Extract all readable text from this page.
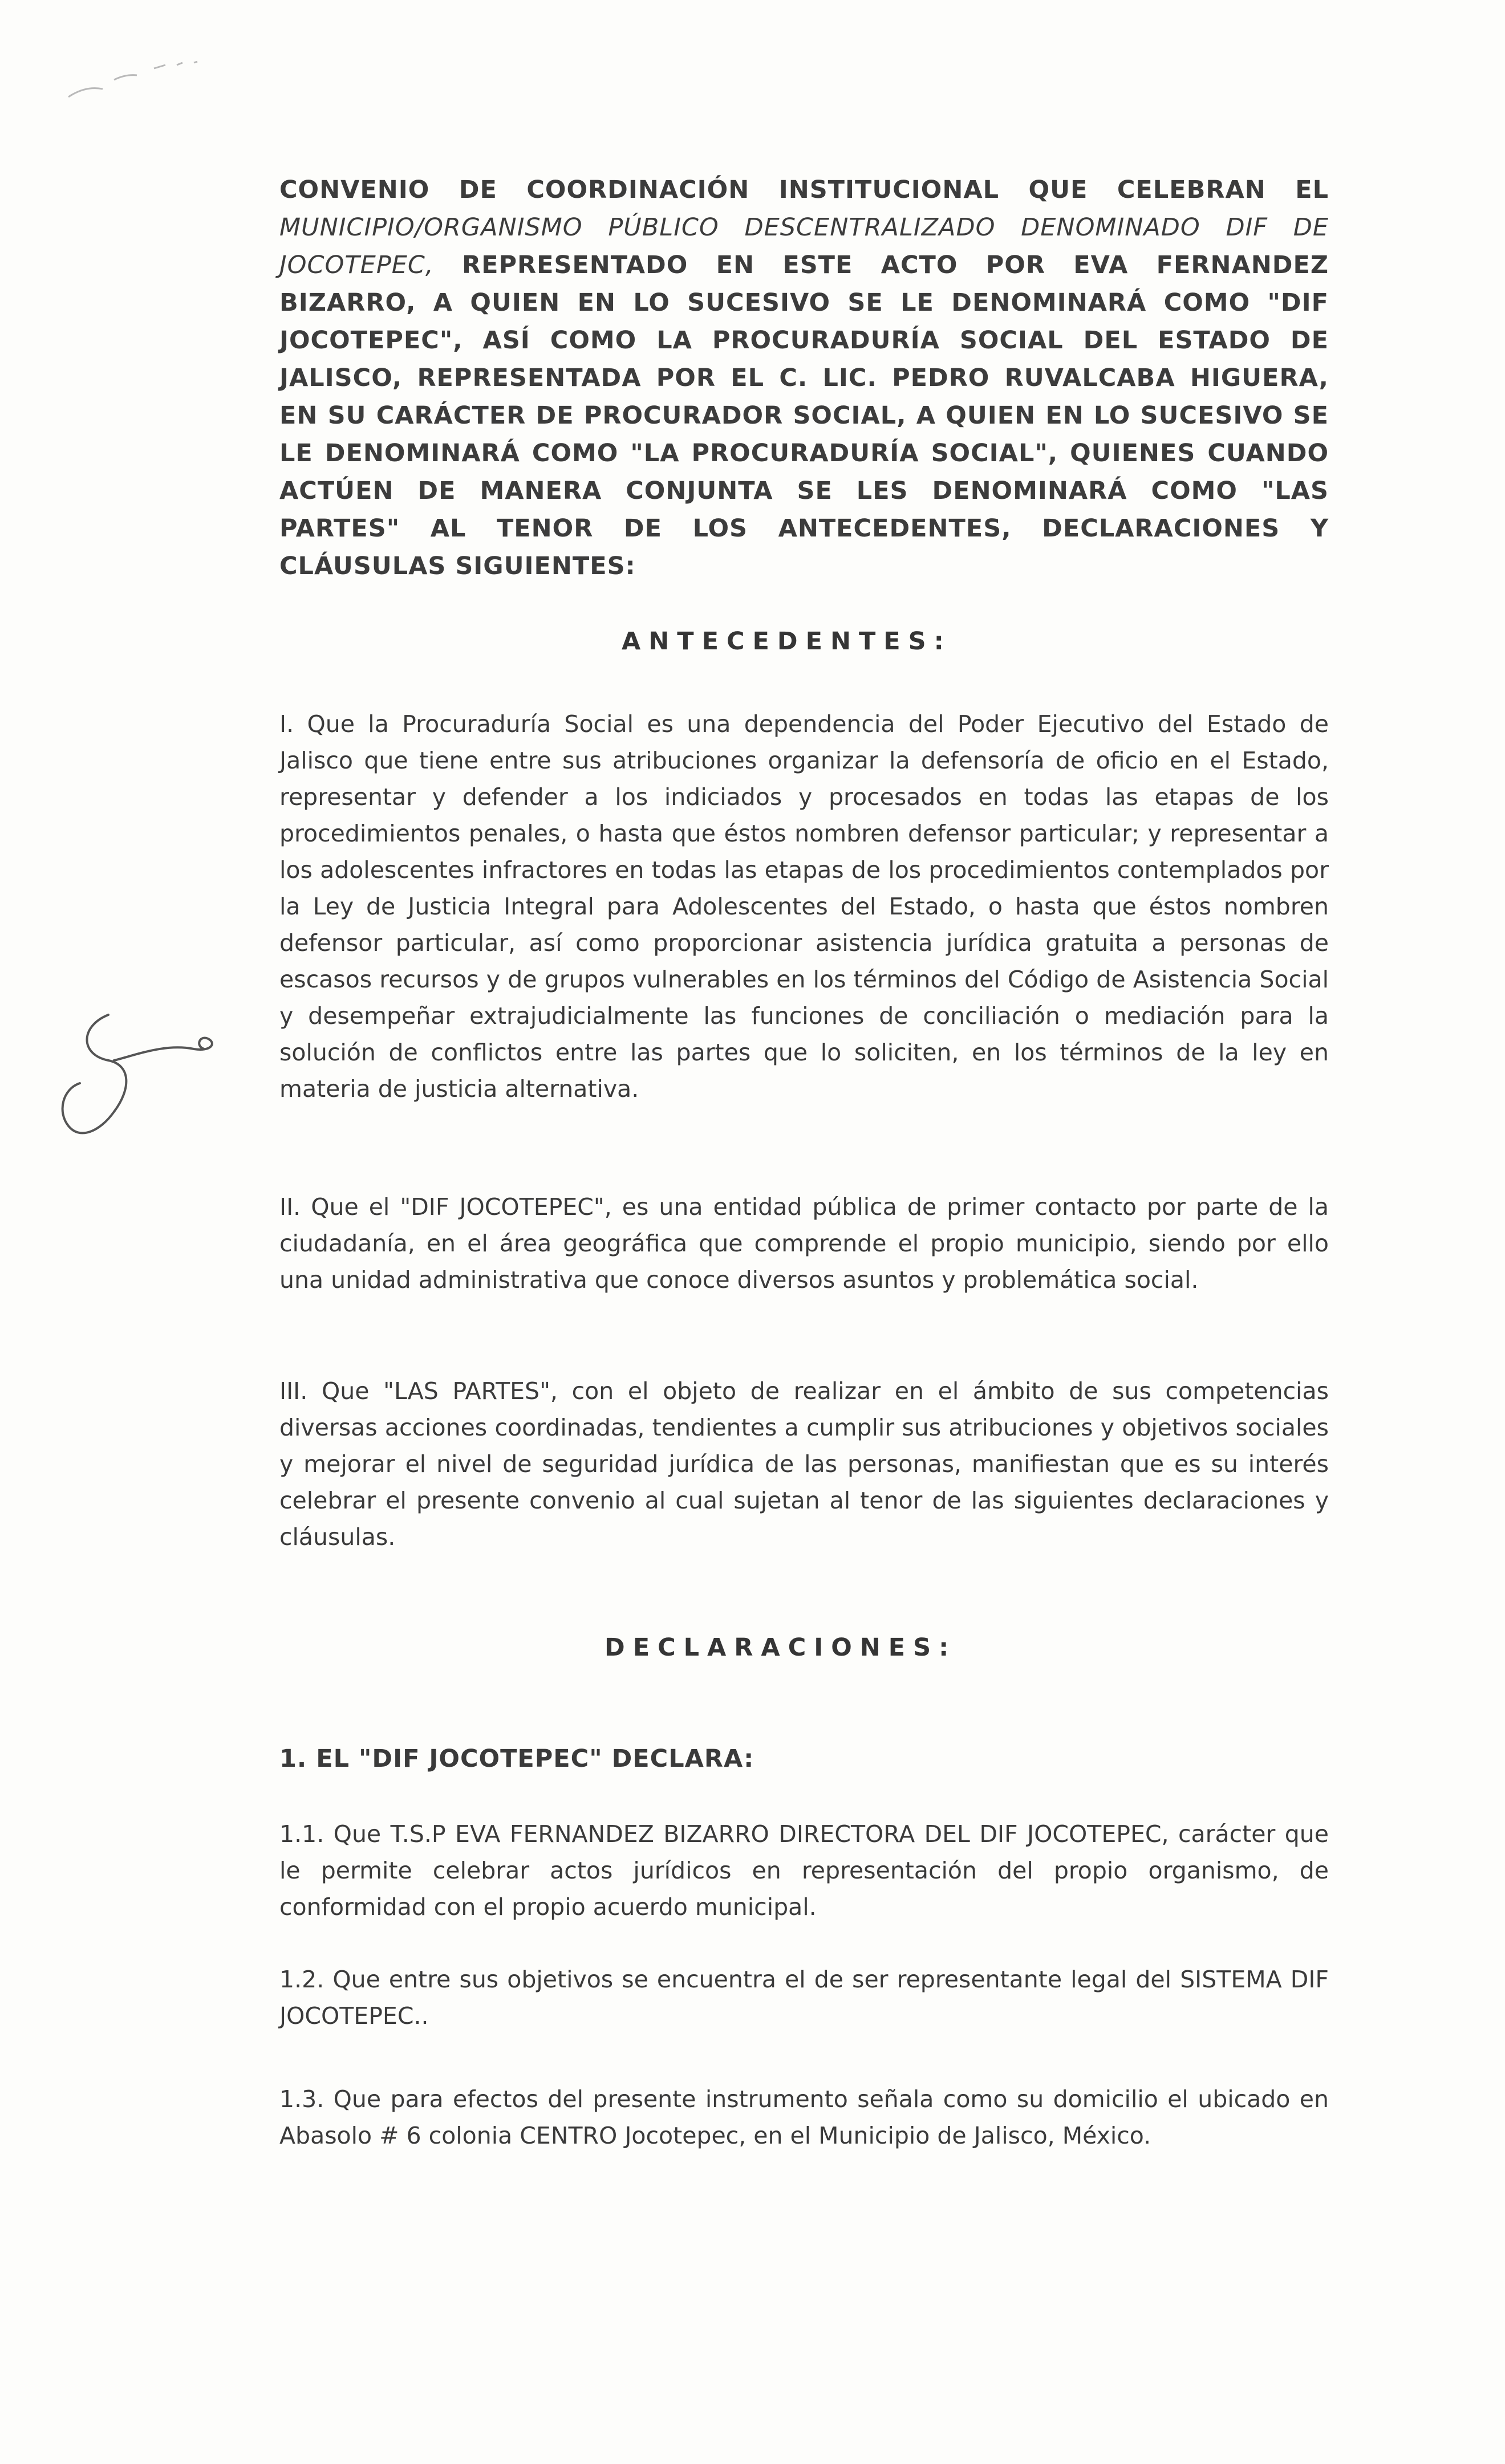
CONVENIO DE COORDINACIÓN INSTITUCIONAL QUE CELEBRAN EL MUNICIPIO/ORGANISMO PÚBLICO DESCENTRALIZADO DENOMINADO DIF DE JOCOTEPEC, REPRESENTADO EN ESTE ACTO POR EVA FERNANDEZ BIZARRO, A QUIEN EN LO SUCESIVO SE LE DENOMINARÁ COMO "DIF JOCOTEPEC", ASÍ COMO LA PROCURADURÍA SOCIAL DEL ESTADO DE JALISCO, REPRESENTADA POR EL C. LIC. PEDRO RUVALCABA HIGUERA, EN SU CARÁCTER DE PROCURADOR SOCIAL, A QUIEN EN LO SUCESIVO SE LE DENOMINARÁ COMO "LA PROCURADURÍA SOCIAL", QUIENES CUANDO ACTÚEN DE MANERA CONJUNTA SE LES DENOMINARÁ COMO "LAS PARTES" AL TENOR DE LOS ANTECEDENTES, DECLARACIONES Y CLÁUSULAS SIGUIENTES:

ANTECEDENTES:

I. Que la Procuraduría Social es una dependencia del Poder Ejecutivo del Estado de Jalisco que tiene entre sus atribuciones organizar la defensoría de oficio en el Estado, representar y defender a los indiciados y procesados en todas las etapas de los procedimientos penales, o hasta que éstos nombren defensor particular; y representar a los adolescentes infractores en todas las etapas de los procedimientos contemplados por la Ley de Justicia Integral para Adolescentes del Estado, o hasta que éstos nombren defensor particular, así como proporcionar asistencia jurídica gratuita a personas de escasos recursos y de grupos vulnerables en los términos del Código de Asistencia Social y desempeñar extrajudicialmente las funciones de conciliación o mediación para la solución de conflictos entre las partes que lo soliciten, en los términos de la ley en materia de justicia alternativa.

II. Que el "DIF JOCOTEPEC", es una entidad pública de primer contacto por parte de la ciudadanía, en el área geográfica que comprende el propio municipio, siendo por ello una unidad administrativa que conoce diversos asuntos y problemática social.

III. Que "LAS PARTES", con el objeto de realizar en el ámbito de sus competencias diversas acciones coordinadas, tendientes a cumplir sus atribuciones y objetivos sociales y mejorar el nivel de seguridad jurídica de las personas, manifiestan que es su interés celebrar el presente convenio al cual sujetan al tenor de las siguientes declaraciones y cláusulas.

DECLARACIONES:

1. EL "DIF JOCOTEPEC" DECLARA:

1.1. Que T.S.P EVA FERNANDEZ BIZARRO DIRECTORA DEL DIF JOCOTEPEC, carácter que le permite celebrar actos jurídicos en representación del propio organismo, de conformidad con el propio acuerdo municipal.

1.2. Que entre sus objetivos se encuentra el de ser representante legal del SISTEMA DIF JOCOTEPEC..

1.3. Que para efectos del presente instrumento señala como su domicilio el ubicado en Abasolo # 6 colonia CENTRO Jocotepec, en el Municipio de Jalisco, México.
